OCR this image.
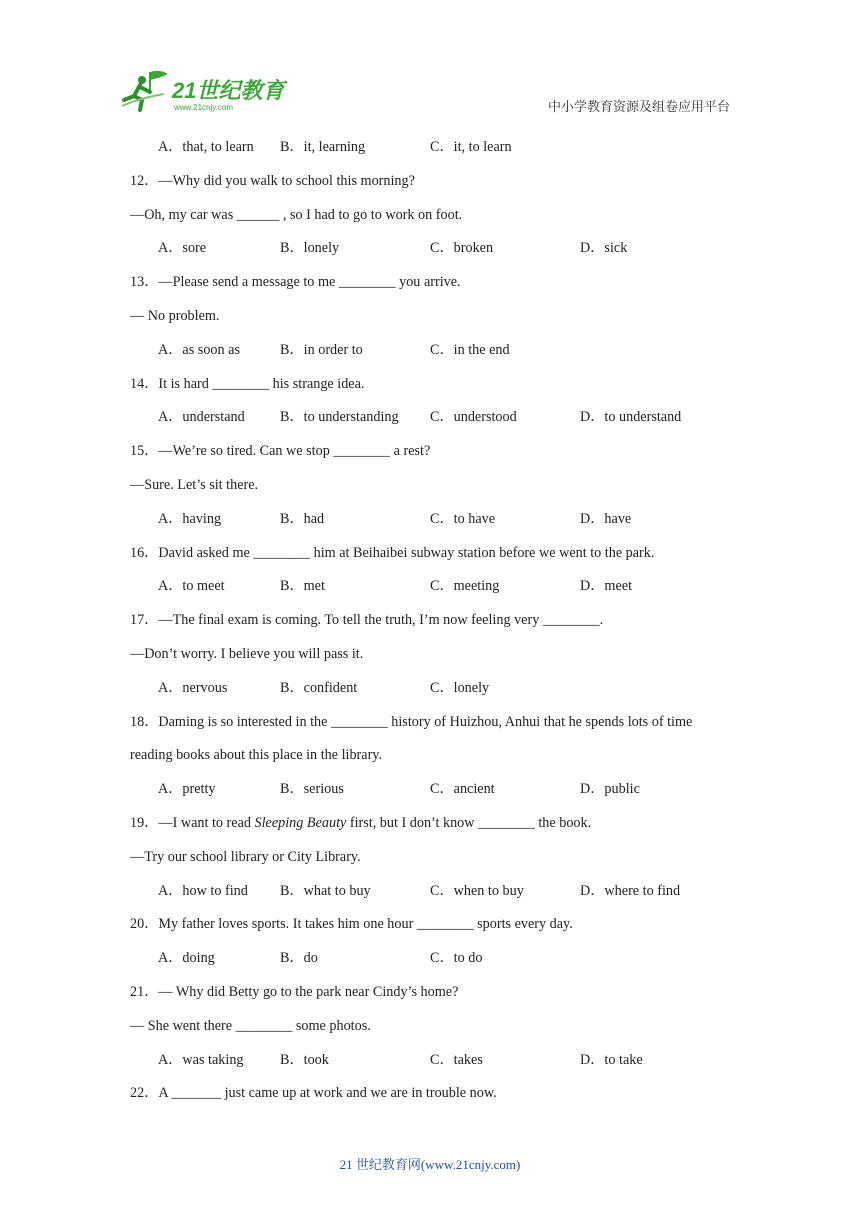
21世纪教育
www.21cnjy.com	中小学教育资源及组卷应用平台
A．that, to learn B．it, learning	C．it, to learn
12．—Why did you walk to school this morning?
—Oh, my car was ______ , so I had to go to work on foot.
A．sore	B．lonely	C．broken	D．sick
13．—Please send a message to me ________ you arrive.
— No problem.
A．as soon as	B．in order to	C．in the end
14．It is hard ________ his strange idea.
A．understand B．to understanding C．understood	D．to understand
15．—We’re so tired. Can we stop ________ a rest?
—Sure. Let’s sit there.
A．having	B．had	C．to have	D．have
16．David asked me ________ him at Beihaibei subway station before we went to the park.
A．to meet	B．met	C．meeting	D．meet
17．—The final exam is coming. To tell the truth, I’m now feeling very ________.
—Don’t worry. I believe you will pass it.
A．nervous	B．confident	C．lonely
18．Daming is so interested in the ________ history of Huizhou, Anhui that he spends lots of time
reading books about this place in the library.
A．pretty	B．serious	C．ancient	D．public
19．—I want to read Sleeping Beauty first, but I don’t know ________ the book.
—Try our school library or City Library.
A．how to find B．what to buy	C．when to buy	D．where to find
20．My father loves sports. It takes him one hour ________ sports every day.
A．doing	B．do	C．to do
21．— Why did Betty go to the park near Cindy’s home?
— She went there ________ some photos.
A．was taking	B．took	C．takes	D．to take
22．A _______ just came up at work and we are in trouble now.
21 世纪教育网(www.21cnjy.com)
